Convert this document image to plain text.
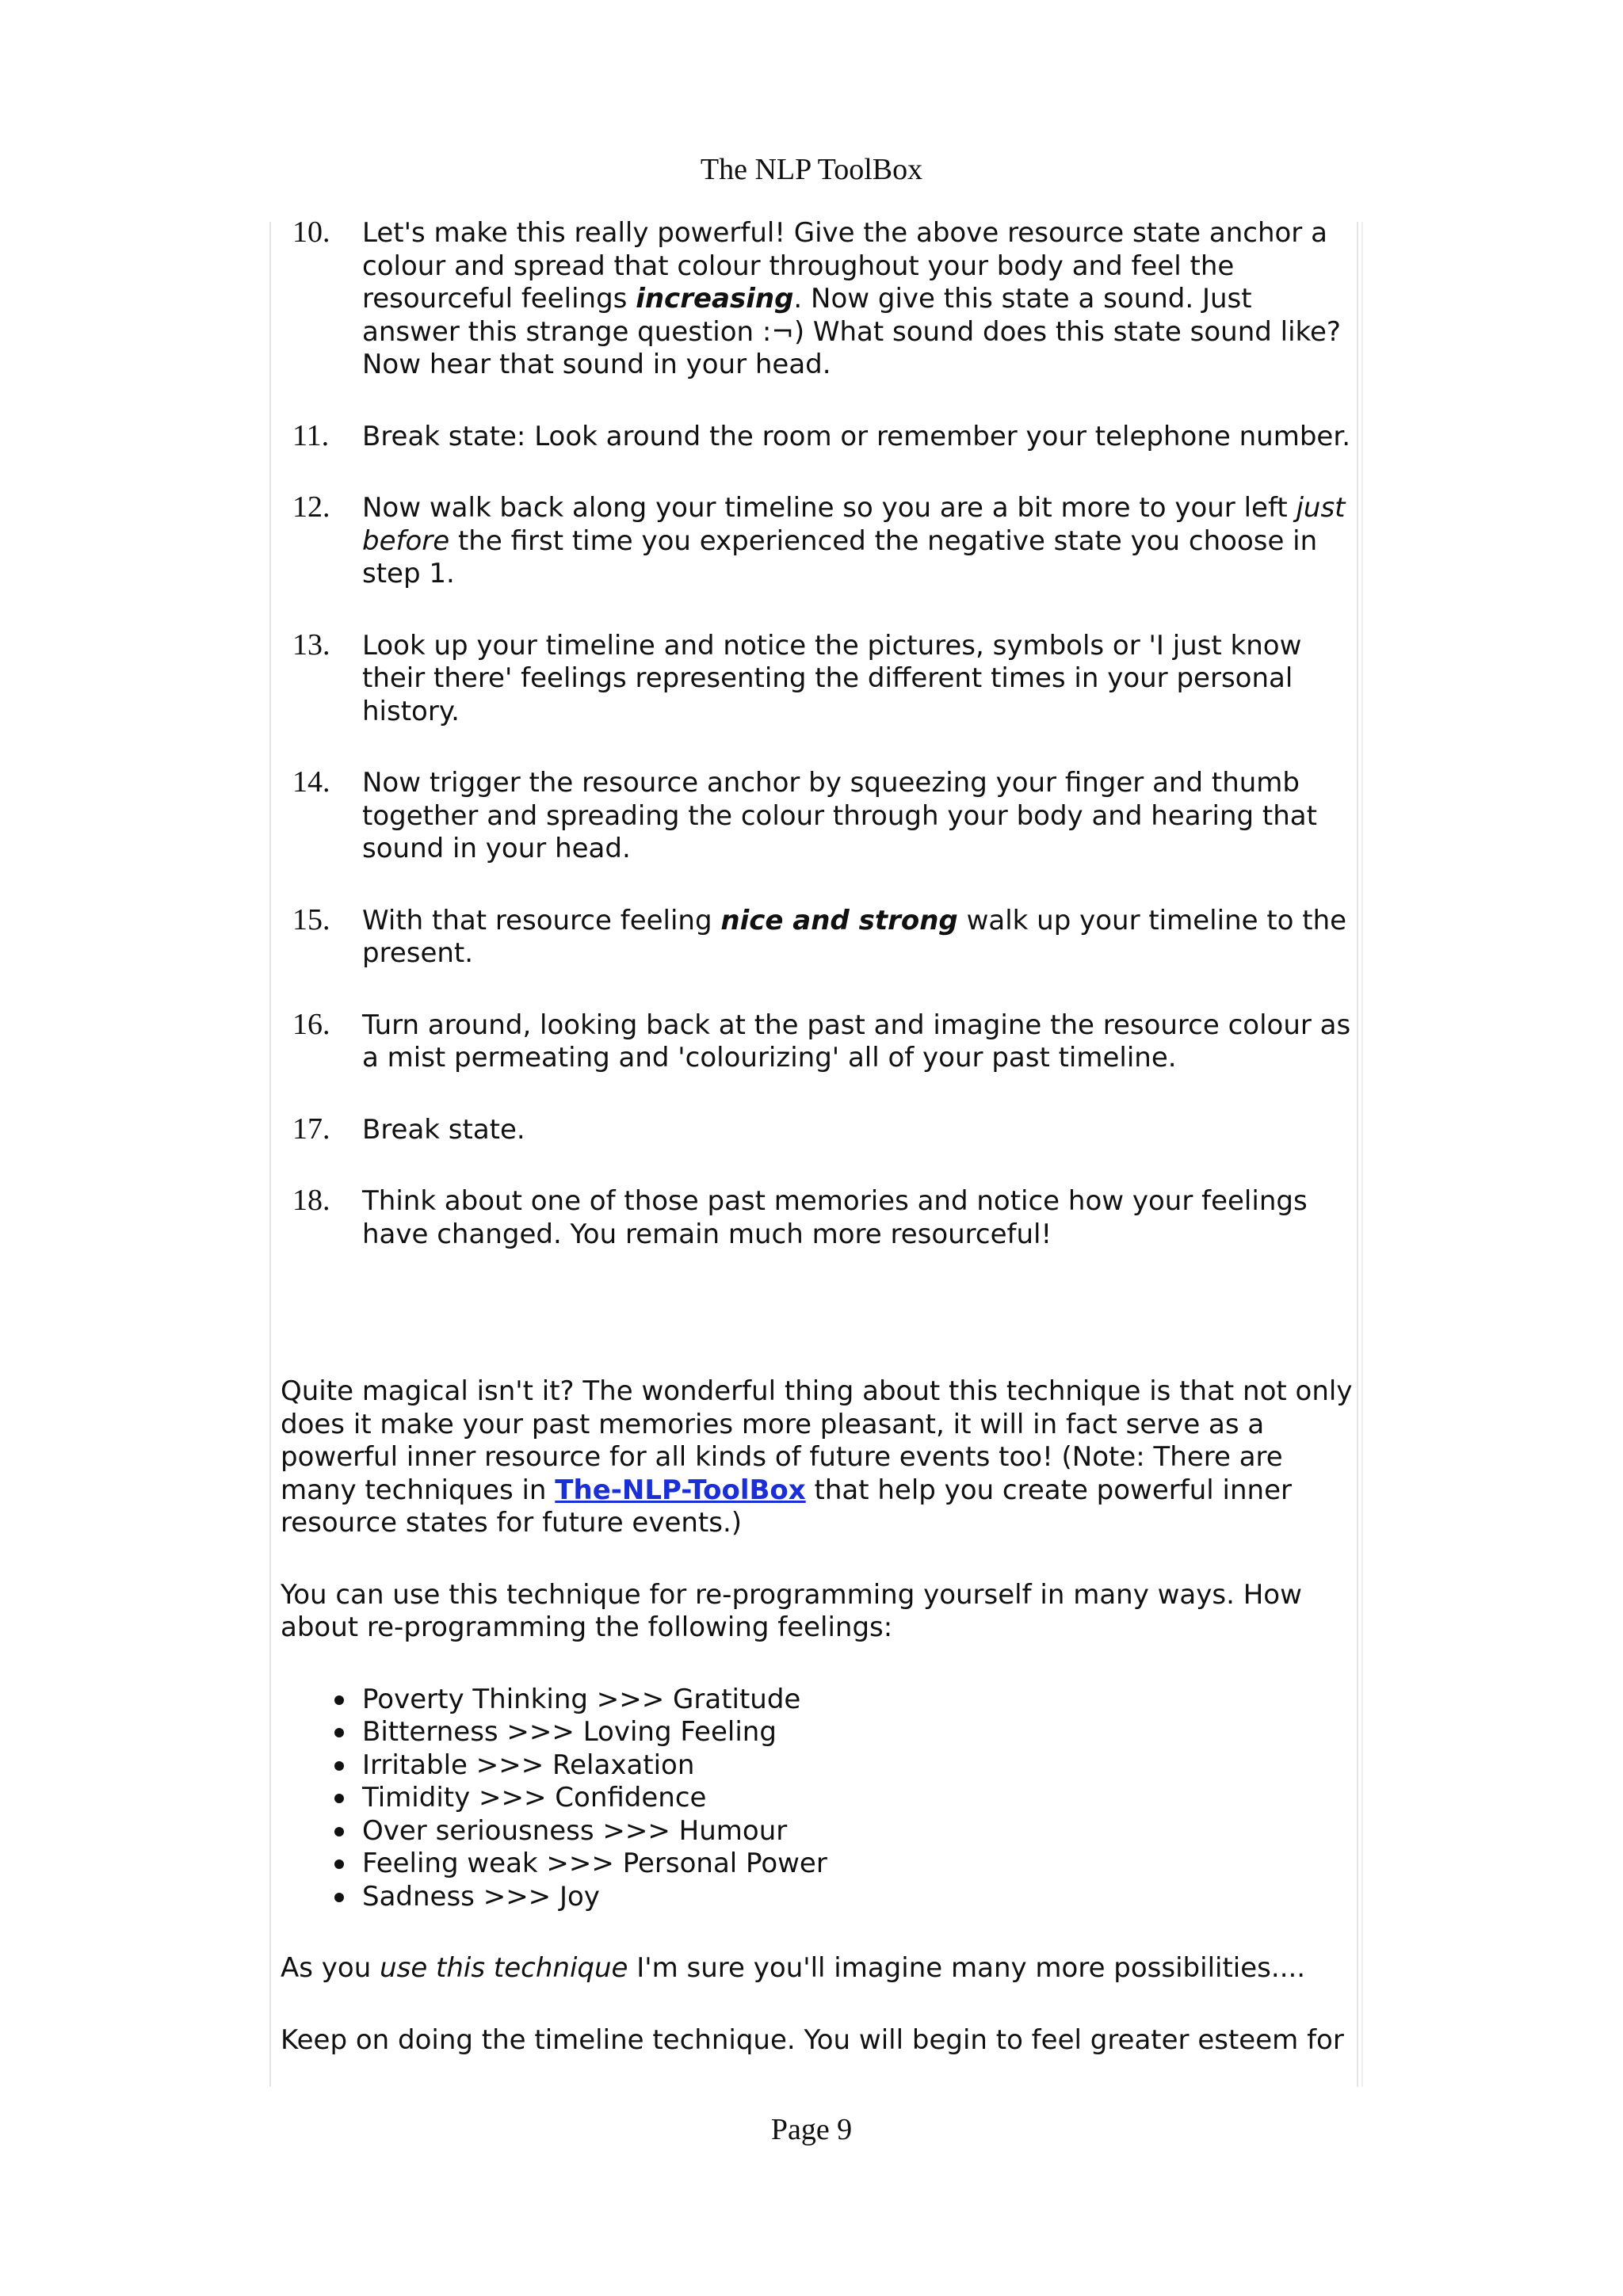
The NLP ToolBox
10. Let's make this really powerful! Give the above resource state anchor a colour and spread that colour throughout your body and feel the resourceful feelings increasing. Now give this state a sound. Just answer this strange question :¬) What sound does this state sound like? Now hear that sound in your head.
11. Break state: Look around the room or remember your telephone number.
12. Now walk back along your timeline so you are a bit more to your left just before the first time you experienced the negative state you choose in step 1.
13. Look up your timeline and notice the pictures, symbols or 'I just know their there' feelings representing the different times in your personal history.
14. Now trigger the resource anchor by squeezing your finger and thumb together and spreading the colour through your body and hearing that sound in your head.
15. With that resource feeling nice and strong walk up your timeline to the present.
16. Turn around, looking back at the past and imagine the resource colour as a mist permeating and 'colourizing' all of your past timeline.
17. Break state.
18. Think about one of those past memories and notice how your feelings have changed. You remain much more resourceful!

Quite magical isn't it? The wonderful thing about this technique is that not only does it make your past memories more pleasant, it will in fact serve as a powerful inner resource for all kinds of future events too! (Note: There are many techniques in The-NLP-ToolBox that help you create powerful inner resource states for future events.)

You can use this technique for re-programming yourself in many ways. How about re-programming the following feelings:

Poverty Thinking >>> Gratitude
Bitterness >>> Loving Feeling
Irritable >>> Relaxation
Timidity >>> Confidence
Over seriousness >>> Humour
Feeling weak >>> Personal Power
Sadness >>> Joy

As you use this technique I'm sure you'll imagine many more possibilities....

Keep on doing the timeline technique. You will begin to feel greater esteem for

Page 9
